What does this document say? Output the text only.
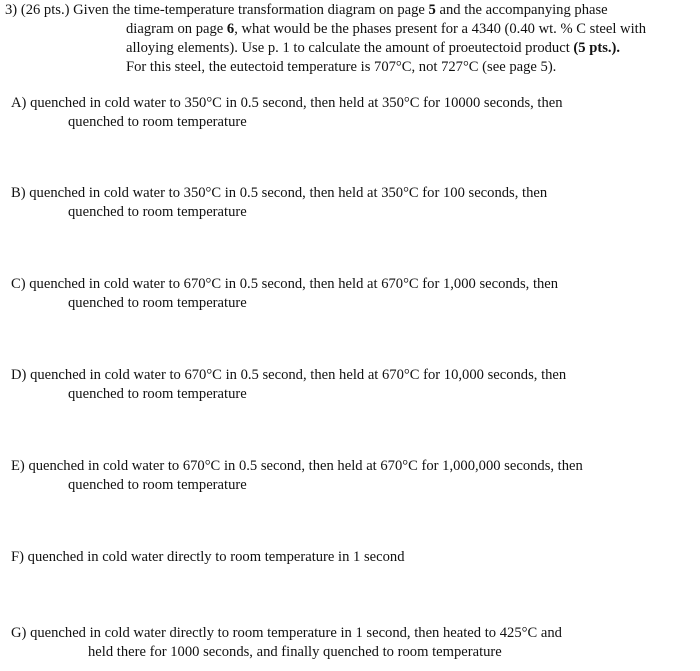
3) (26 pts.) Given the time-temperature transformation diagram on page 5 and the accompanying phase
diagram on page 6, what would be the phases present for a 4340 (0.40 wt. % C steel with
alloying elements). Use p. 1 to calculate the amount of proeutectoid product (5 pts.).
For this steel, the eutectoid temperature is 707°C, not 727°C (see page 5).
A) quenched in cold water to 350°C in 0.5 second, then held at 350°C for 10000 seconds, then
quenched to room temperature
B) quenched in cold water to 350°C in 0.5 second, then held at 350°C for 100 seconds, then
quenched to room temperature
C) quenched in cold water to 670°C in 0.5 second, then held at 670°C for 1,000 seconds, then
quenched to room temperature
D) quenched in cold water to 670°C in 0.5 second, then held at 670°C for 10,000 seconds, then
quenched to room temperature
E) quenched in cold water to 670°C in 0.5 second, then held at 670°C for 1,000,000 seconds, then
quenched to room temperature
F) quenched in cold water directly to room temperature in 1 second
G) quenched in cold water directly to room temperature in 1 second, then heated to 425°C and
held there for 1000 seconds, and finally quenched to room temperature
